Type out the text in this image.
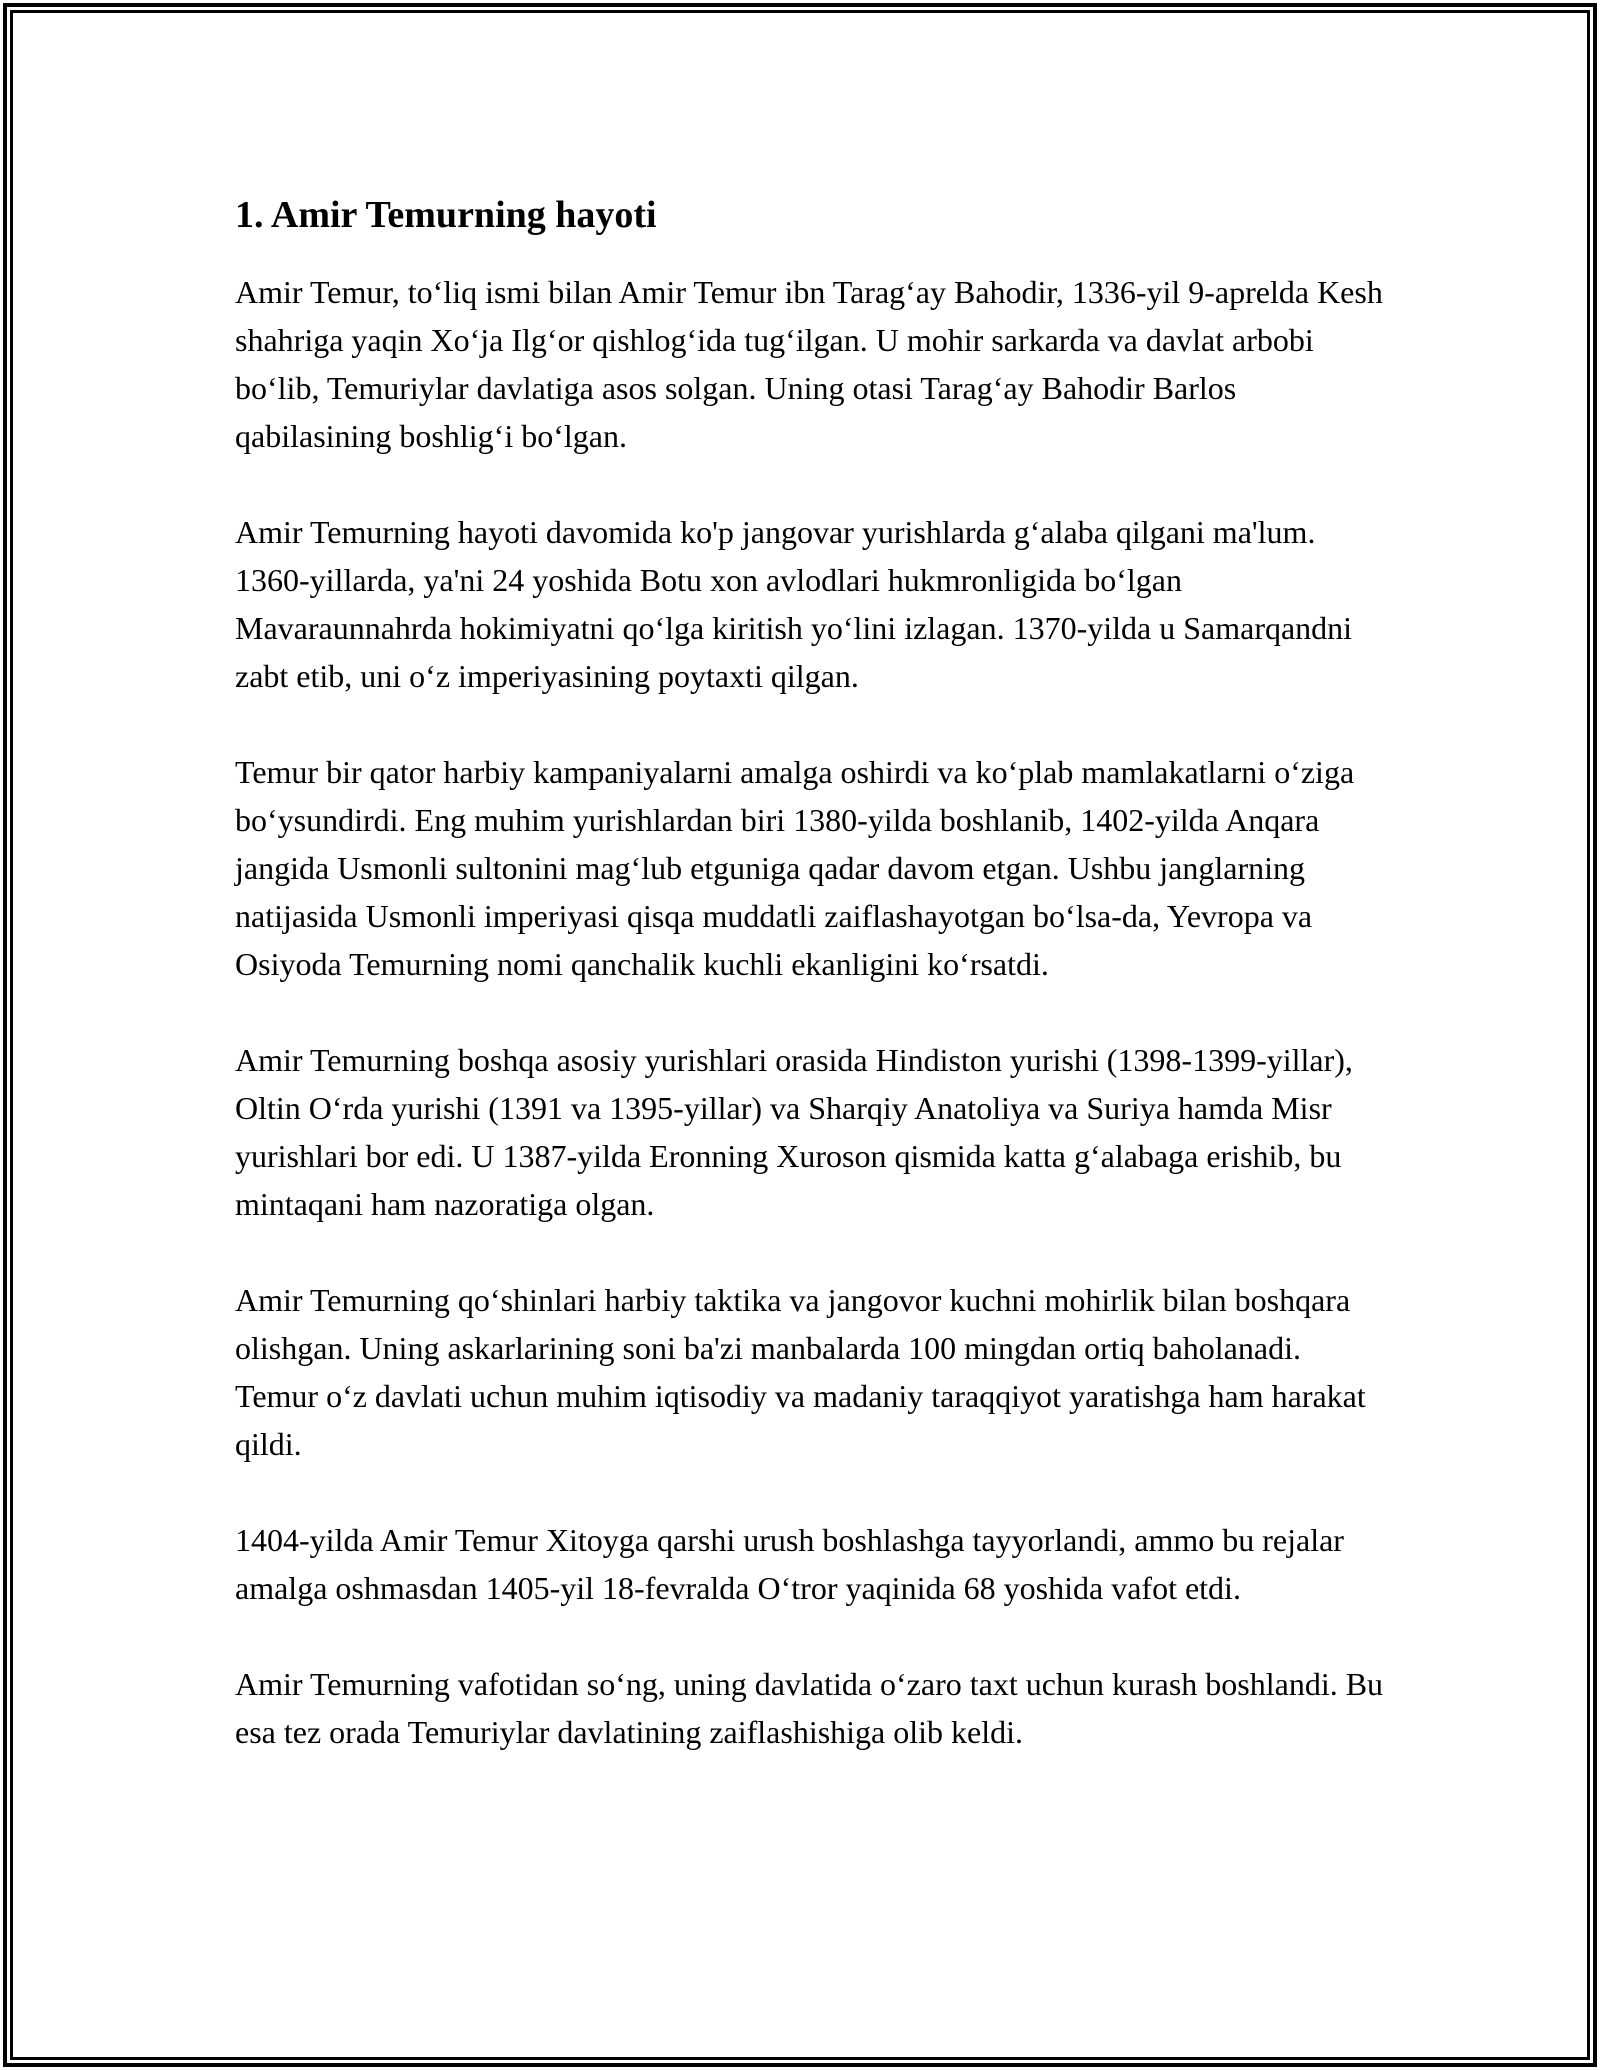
1. Amir Temurning hayoti

Amir Temur, to‘liq ismi bilan Amir Temur ibn Tarag‘ay Bahodir, 1336-yil 9-aprelda Kesh shahriga yaqin Xo‘ja Ilg‘or qishlog‘ida tug‘ilgan. U mohir sarkarda va davlat arbobi bo‘lib, Temuriylar davlatiga asos solgan. Uning otasi Tarag‘ay Bahodir Barlos qabilasining boshlig‘i bo‘lgan.

Amir Temurning hayoti davomida ko'p jangovar yurishlarda g‘alaba qilgani ma'lum. 1360-yillarda, ya'ni 24 yoshida Botu xon avlodlari hukmronligida bo‘lgan Mavaraunnahrda hokimiyatni qo‘lga kiritish yo‘lini izlagan. 1370-yilda u Samarqandni zabt etib, uni o‘z imperiyasining poytaxti qilgan.

Temur bir qator harbiy kampaniyalarni amalga oshirdi va ko‘plab mamlakatlarni o‘ziga bo‘ysundirdi. Eng muhim yurishlardan biri 1380-yilda boshlanib, 1402-yilda Anqara jangida Usmonli sultonini mag‘lub etguniga qadar davom etgan. Ushbu janglarning natijasida Usmonli imperiyasi qisqa muddatli zaiflashayotgan bo‘lsa-da, Yevropa va Osiyoda Temurning nomi qanchalik kuchli ekanligini ko‘rsatdi.

Amir Temurning boshqa asosiy yurishlari orasida Hindiston yurishi (1398-1399-yillar), Oltin O‘rda yurishi (1391 va 1395-yillar) va Sharqiy Anatoliya va Suriya hamda Misr yurishlari bor edi. U 1387-yilda Eronning Xuroson qismida katta g‘alabaga erishib, bu mintaqani ham nazoratiga olgan.

Amir Temurning qo‘shinlari harbiy taktika va jangovor kuchni mohirlik bilan boshqara olishgan. Uning askarlarining soni ba'zi manbalarda 100 mingdan ortiq baholanadi. Temur o‘z davlati uchun muhim iqtisodiy va madaniy taraqqiyot yaratishga ham harakat qildi.

1404-yilda Amir Temur Xitoyga qarshi urush boshlashga tayyorlandi, ammo bu rejalar amalga oshmasdan 1405-yil 18-fevralda O‘tror yaqinida 68 yoshida vafot etdi.

Amir Temurning vafotidan so‘ng, uning davlatida o‘zaro taxt uchun kurash boshlandi. Bu esa tez orada Temuriylar davlatining zaiflashishiga olib keldi.
